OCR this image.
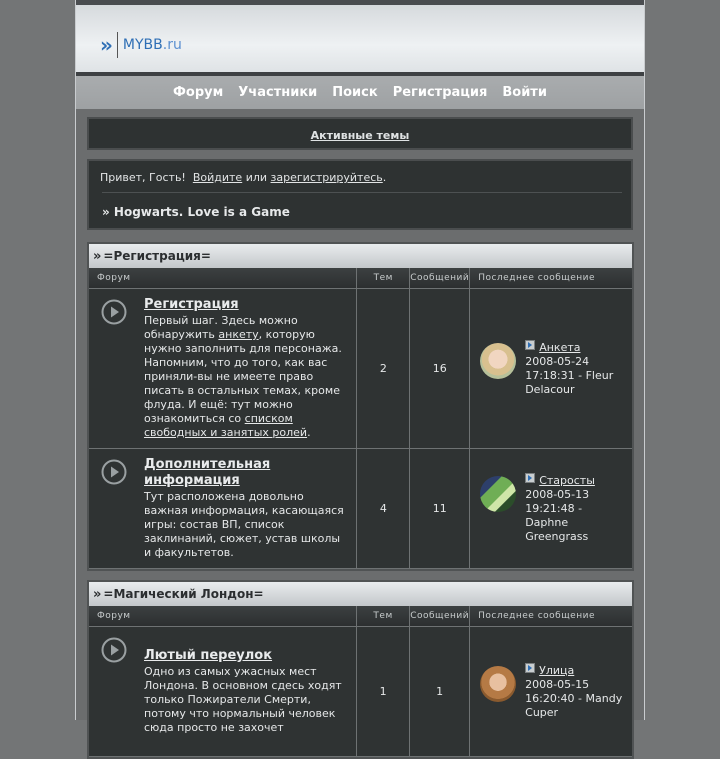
» MYBB.ru
Форум Участники Поиск Регистрация Войти
Активные темы
Привет, Гость! Войдите или зарегистрируйтесь.
» Hogwarts. Love is a Game
» =Регистрация=
Форум	Тем	Сообщений	Последнее сообщение

Регистрация
Первый шаг. Здесь можно обнаружить анкету, которую нужно заполнить для персонажа. Напомним, что до того, как вас приняли-вы не имеете право писать в остальных темах, кроме флуда. И ещё: тут можно ознакомиться со списком свободных и занятых ролей.	2	16	Анкета
2008-05-24 17:18:31 - Fleur Delacour

Дополнительная информация
Тут расположена довольно важная информация, касающаяся игры: состав ВП, список заклинаний, сюжет, устав школы и факультетов.	4	11	Старосты
2008-05-13 19:21:48 - Daphne Greengrass
» =Магический Лондон=
Форум	Тем	Сообщений	Последнее сообщение

Лютый переулок
Одно из самых ужасных мест Лондона. В основном сдесь ходят только Пожиратели Смерти, потому что нормальный человек сюда просто не захочет	1	1	Улица
2008-05-15 16:20:40 - Mandy Cuper
